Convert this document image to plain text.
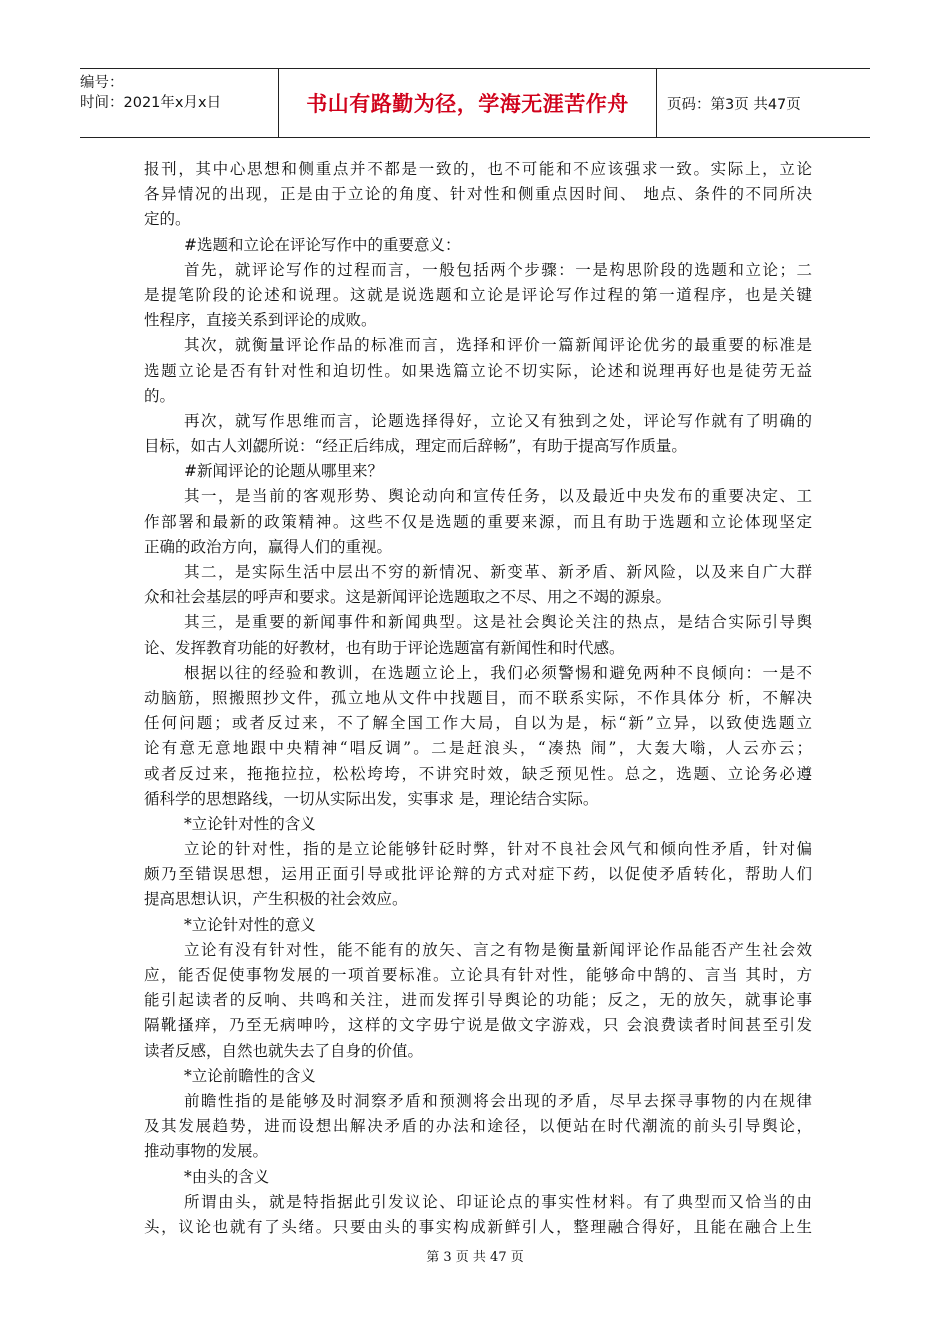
编号：
时间：2021年x月x日	书山有路勤为径，学海无涯苦作舟	页码：第3页 共47页
报刊，其中心思想和侧重点并不都是一致的，也不可能和不应该强求一致。实际上，立论
各异情况的出现，正是由于立论的角度、针对性和侧重点因时间、 地点、条件的不同所决
定的。
#选题和立论在评论写作中的重要意义：
首先，就评论写作的过程而言，一般包括两个步骤：一是构思阶段的选题和立论；二
是提笔阶段的论述和说理。这就是说选题和立论是评论写作过程的第一道程序，也是关键
性程序，直接关系到评论的成败。
其次，就衡量评论作品的标准而言，选择和评价一篇新闻评论优劣的最重要的标准是
选题立论是否有针对性和迫切性。如果选篇立论不切实际，论述和说理再好也是徒劳无益
的。
再次，就写作思维而言，论题选择得好，立论又有独到之处，评论写作就有了明确的
目标，如古人刘勰所说：“经正后纬成，理定而后辞畅”，有助于提高写作质量。
#新闻评论的论题从哪里来？
其一，是当前的客观形势、舆论动向和宣传任务，以及最近中央发布的重要决定、工
作部署和最新的政策精神。这些不仅是选题的重要来源，而且有助于选题和立论体现坚定
正确的政治方向，赢得人们的重视。
其二，是实际生活中层出不穷的新情况、新变革、新矛盾、新风险，以及来自广大群
众和社会基层的呼声和要求。这是新闻评论选题取之不尽、用之不竭的源泉。
其三，是重要的新闻事件和新闻典型。这是社会舆论关注的热点，是结合实际引导舆
论、发挥教育功能的好教材，也有助于评论选题富有新闻性和时代感。
根据以往的经验和教训，在选题立论上，我们必须警惕和避免两种不良倾向：一是不
动脑筋，照搬照抄文件，孤立地从文件中找题目，而不联系实际，不作具体分 析，不解决
任何问题；或者反过来，不了解全国工作大局，自以为是，标“新”立异，以致使选题立
论有意无意地跟中央精神“唱反调”。二是赶浪头，“凑热 闹”，大轰大嗡，人云亦云；
或者反过来，拖拖拉拉，松松垮垮，不讲究时效，缺乏预见性。总之，选题、立论务必遵
循科学的思想路线，一切从实际出发，实事求 是，理论结合实际。
*立论针对性的含义
立论的针对性，指的是立论能够针砭时弊，针对不良社会风气和倾向性矛盾，针对偏
颇乃至错误思想，运用正面引导或批评论辩的方式对症下药，以促使矛盾转化，帮助人们
提高思想认识，产生积极的社会效应。
*立论针对性的意义
立论有没有针对性，能不能有的放矢、言之有物是衡量新闻评论作品能否产生社会效
应，能否促使事物发展的一项首要标准。立论具有针对性，能够命中鹄的、言当 其时，方
能引起读者的反响、共鸣和关注，进而发挥引导舆论的功能；反之，无的放矢，就事论事
隔靴搔痒，乃至无病呻吟，这样的文字毋宁说是做文字游戏，只 会浪费读者时间甚至引发
读者反感，自然也就失去了自身的价值。
*立论前瞻性的含义
前瞻性指的是能够及时洞察矛盾和预测将会出现的矛盾，尽早去探寻事物的内在规律
及其发展趋势，进而设想出解决矛盾的办法和途径，以便站在时代潮流的前头引导舆论，
推动事物的发展。
*由头的含义
所谓由头，就是特指据此引发议论、印证论点的事实性材料。有了典型而又恰当的由
头，议论也就有了头绪。只要由头的事实构成新鲜引人，整理融合得好，且能在融合上生
第 3 页 共 47 页
